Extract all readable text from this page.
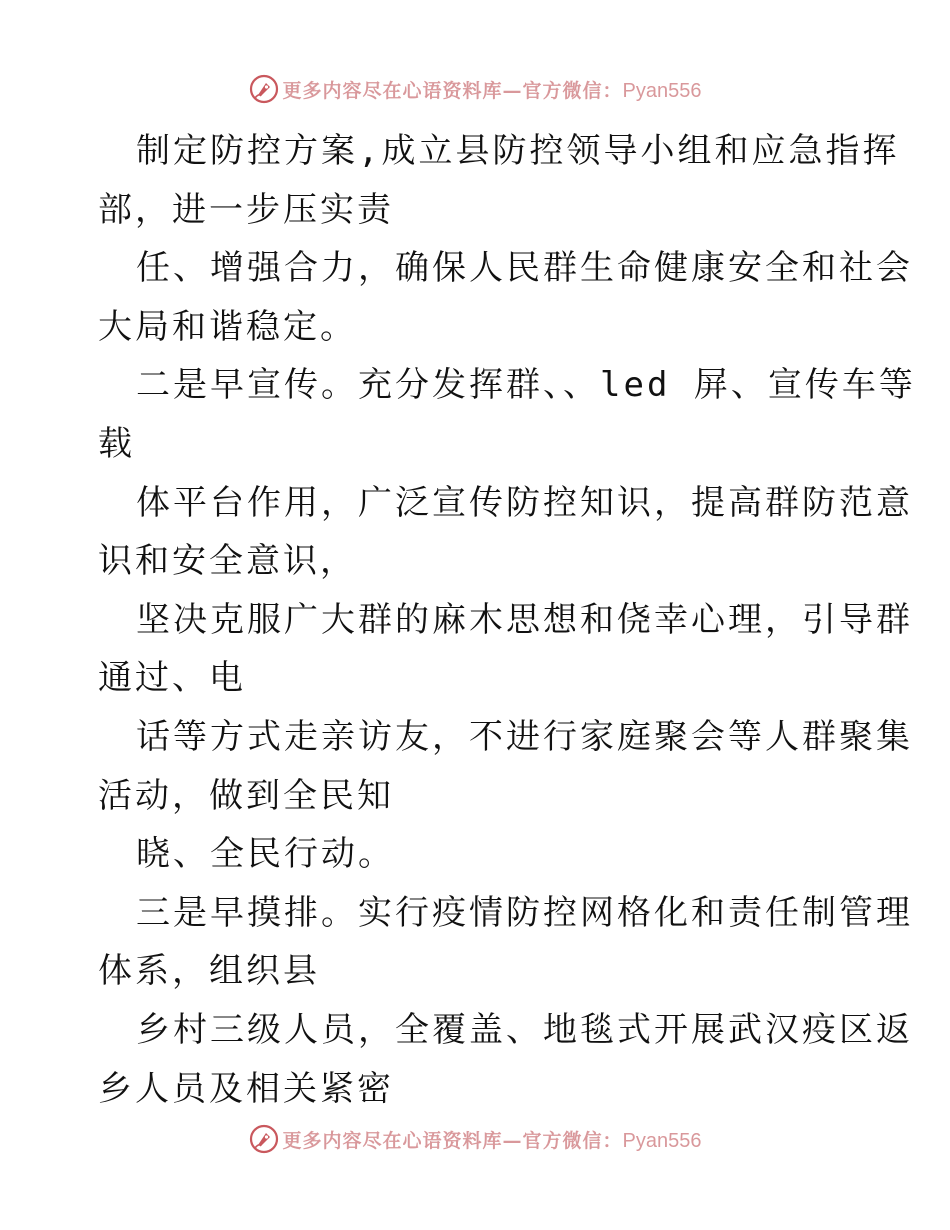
更多内容尽在心语资料库—官方微信：Pyan556

制定防控方案,成立县防控领导小组和应急指挥

部，进一步压实责

任、增强合力，确保人民群生命健康安全和社会

大局和谐稳定。

二是早宣传。充分发挥群、、led 屏、宣传车等

载

体平台作用，广泛宣传防控知识，提高群防范意

识和安全意识，

坚决克服广大群的麻木思想和侥幸心理，引导群

通过、电

话等方式走亲访友，不进行家庭聚会等人群聚集

活动，做到全民知

晓、全民行动。

三是早摸排。实行疫情防控网格化和责任制管理

体系，组织县

乡村三级人员，全覆盖、地毯式开展武汉疫区返

乡人员及相关紧密

更多内容尽在心语资料库—官方微信：Pyan556
